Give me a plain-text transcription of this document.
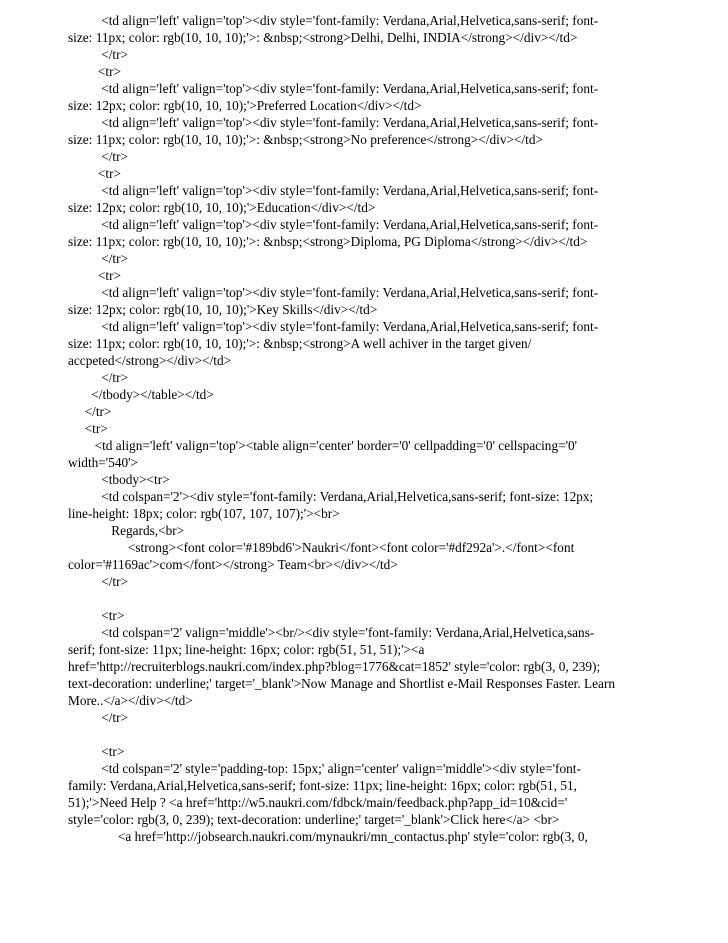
<td align='left' valign='top'><div style='font-family: Verdana,Arial,Helvetica,sans-serif; font-
size: 11px; color: rgb(10, 10, 10);'>: &nbsp;<strong>Delhi, Delhi, INDIA</strong></div></td>
</tr>
<tr>
<td align='left' valign='top'><div style='font-family: Verdana,Arial,Helvetica,sans-serif; font-
size: 12px; color: rgb(10, 10, 10);'>Preferred Location</div></td>
<td align='left' valign='top'><div style='font-family: Verdana,Arial,Helvetica,sans-serif; font-
size: 11px; color: rgb(10, 10, 10);'>: &nbsp;<strong>No preference</strong></div></td>
</tr>
<tr>
<td align='left' valign='top'><div style='font-family: Verdana,Arial,Helvetica,sans-serif; font-
size: 12px; color: rgb(10, 10, 10);'>Education</div></td>
<td align='left' valign='top'><div style='font-family: Verdana,Arial,Helvetica,sans-serif; font-
size: 11px; color: rgb(10, 10, 10);'>: &nbsp;<strong>Diploma, PG Diploma</strong></div></td>
</tr>
<tr>
<td align='left' valign='top'><div style='font-family: Verdana,Arial,Helvetica,sans-serif; font-
size: 12px; color: rgb(10, 10, 10);'>Key Skills</div></td>
<td align='left' valign='top'><div style='font-family: Verdana,Arial,Helvetica,sans-serif; font-
size: 11px; color: rgb(10, 10, 10);'>: &nbsp;<strong>A well achiver in the target given/
accpeted</strong></div></td>
</tr>
</tbody></table></td>
</tr>
<tr>
<td align='left' valign='top'><table align='center' border='0' cellpadding='0' cellspacing='0'
width='540'>
<tbody><tr>
<td colspan='2'><div style='font-family: Verdana,Arial,Helvetica,sans-serif; font-size: 12px;
line-height: 18px; color: rgb(107, 107, 107);'><br>
Regards,<br>
<strong><font color='#189bd6'>Naukri</font><font color='#df292a'>.</font><font
color='#1169ac'>com</font></strong> Team<br></div></td>
</tr>
<tr>
<td colspan='2' valign='middle'><br/><div style='font-family: Verdana,Arial,Helvetica,sans-
serif; font-size: 11px; line-height: 16px; color: rgb(51, 51, 51);'><a
href='http://recruiterblogs.naukri.com/index.php?blog=1776&cat=1852' style='color: rgb(3, 0, 239);
text-decoration: underline;' target='_blank'>Now Manage and Shortlist e-Mail Responses Faster. Learn
More..</a></div></td>
</tr>
<tr>
<td colspan='2' style='padding-top: 15px;' align='center' valign='middle'><div style='font-
family: Verdana,Arial,Helvetica,sans-serif; font-size: 11px; line-height: 16px; color: rgb(51, 51,
51);'>Need Help ? <a href='http://w5.naukri.com/fdbck/main/feedback.php?app_id=10&cid='
style='color: rgb(3, 0, 239); text-decoration: underline;' target='_blank'>Click here</a> <br>
<a href='http://jobsearch.naukri.com/mynaukri/mn_contactus.php' style='color: rgb(3, 0,
